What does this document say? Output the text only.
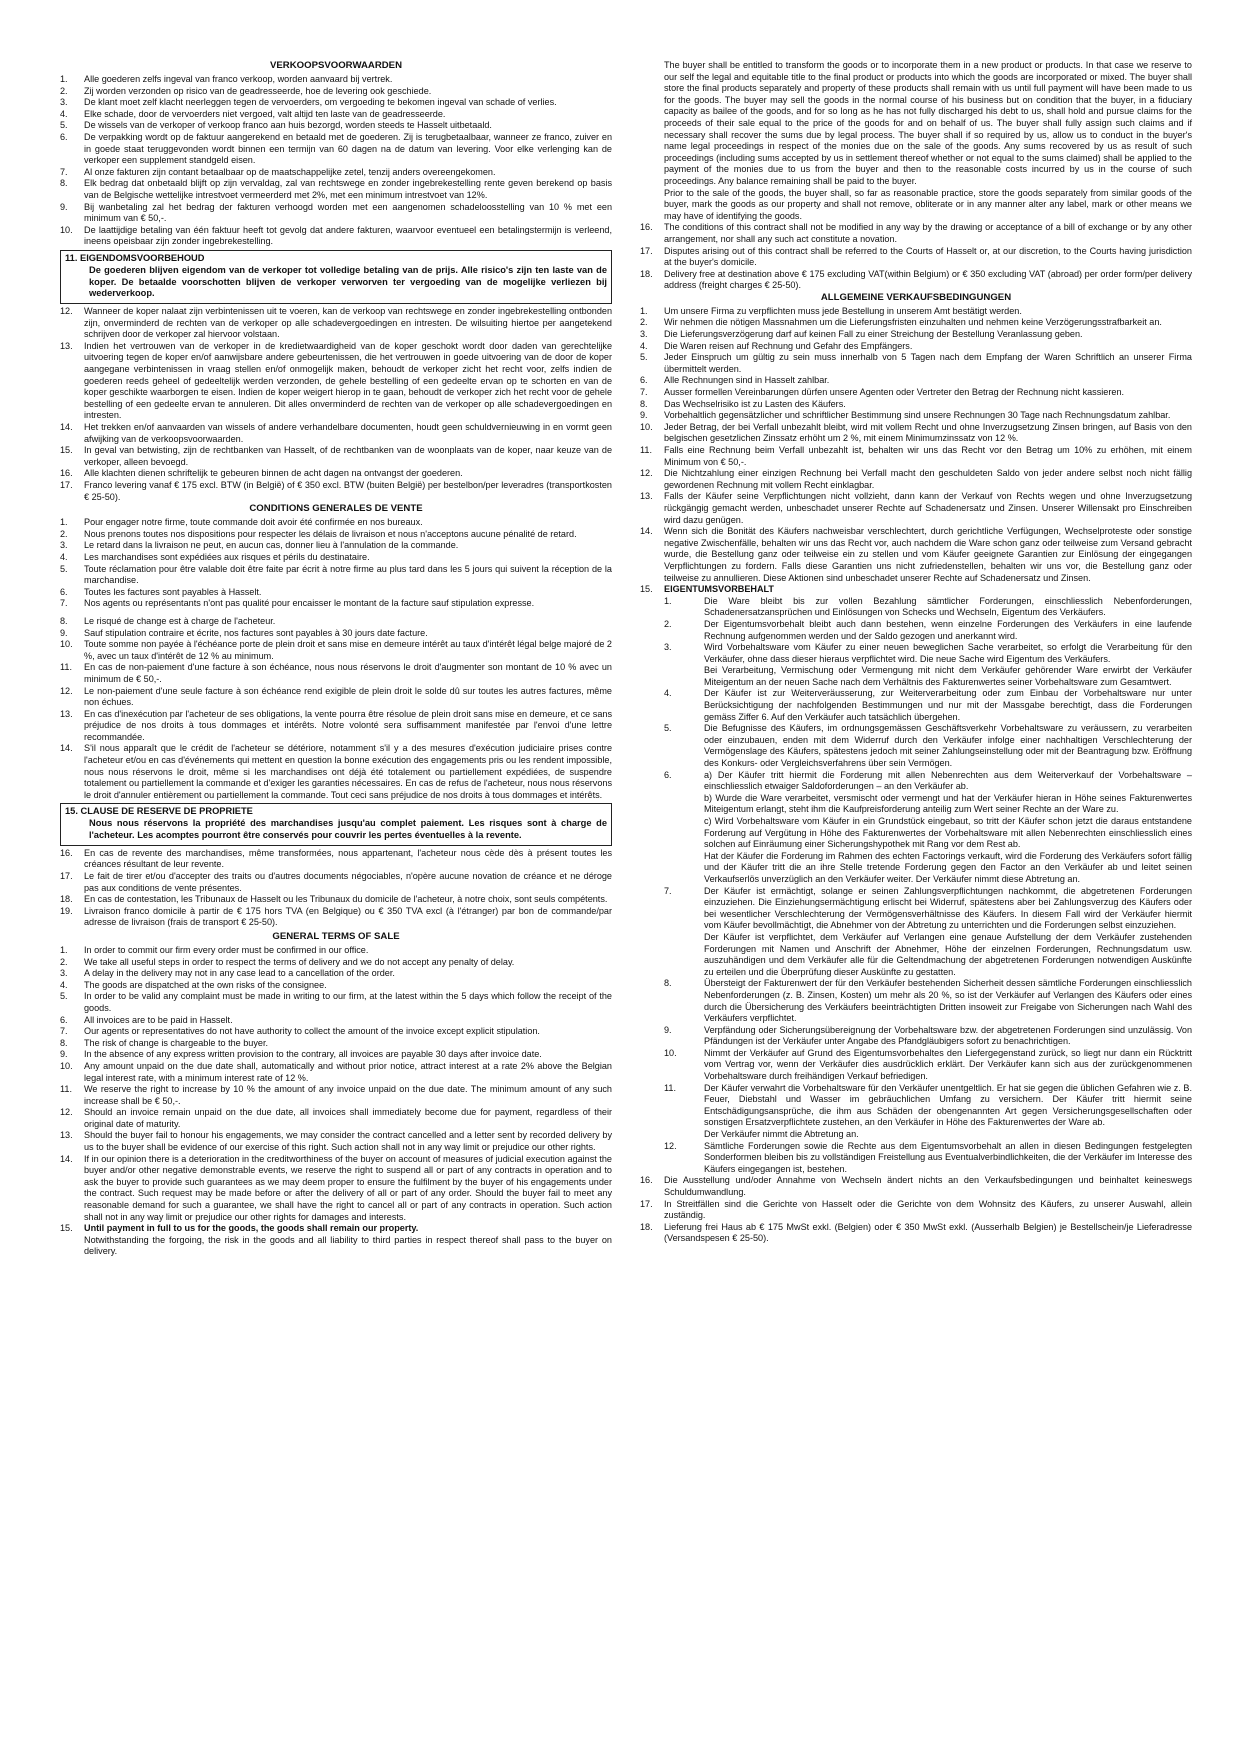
VERKOOPSVOORWAARDEN
1.	Alle goederen zelfs ingeval van franco verkoop, worden aanvaard bij vertrek.
2.	Zij worden verzonden op risico van de geadresseerde, hoe de levering ook geschiede.
3.	De klant moet zelf klacht neerleggen tegen de vervoerders, om vergoeding te bekomen ingeval van schade of verlies.
4.	Elke schade, door de vervoerders niet vergoed, valt altijd ten laste van de geadresseerde.
5.	De wissels van de verkoper of verkoop franco aan huis bezorgd, worden steeds te Hasselt uitbetaald.
6.	De verpakking wordt op de faktuur aangerekend en betaald met de goederen. Zij is terugbetaalbaar, wanneer ze franco, zuiver en in goede staat teruggevonden wordt binnen een termijn van 60 dagen na de datum van levering. Voor elke verlenging kan de verkoper een supplement standgeld eisen.
7.	Al onze fakturen zijn contant betaalbaar op de maatschappelijke zetel, tenzij anders overeengekomen.
8.	Elk bedrag dat onbetaald blijft op zijn vervaldag, zal van rechtswege en zonder ingebrekestelling rente geven berekend op basis van de Belgische wettelijke intrestvoet vermeerderd met 2%, met een minimum intrestvoet van 12%.
9.	Bij wanbetaling zal het bedrag der fakturen verhoogd worden met een aangenomen schadeloosstelling van 10 % met een minimum van € 50,-.
10.	De laattijdige betaling van één faktuur heeft tot gevolg dat andere fakturen, waarvoor eventueel een betalingstermijn is verleend, ineens opeisbaar zijn zonder ingebrekestelling.
11. EIGENDOMSVOORBEHOUD
De goederen blijven eigendom van de verkoper tot volledige betaling van de prijs. Alle risico's zijn ten laste van de koper. De betaalde voorschotten blijven de verkoper verworven ter vergoeding van de mogelijke verliezen bij wederverkoop.
12.	Wanneer de koper nalaat zijn verbintenissen uit te voeren, kan de verkoop van rechtswege en zonder ingebrekestelling ontbonden zijn, onverminderd de rechten van de verkoper op alle schadevergoedingen en intresten. De wilsuiting hiertoe per aangetekend schrijven door de verkoper zal hiervoor volstaan.
13.	Indien het vertrouwen van de verkoper in de kredietwaardigheid van de koper geschokt wordt door daden van gerechtelijke uitvoering tegen de koper en/of aanwijsbare andere gebeurtenissen, die het vertrouwen in goede uitvoering van de door de koper aangegane verbintenissen in vraag stellen en/of onmogelijk maken, behoudt de verkoper zicht het recht voor, zelfs indien de goederen reeds geheel of gedeeltelijk werden verzonden, de gehele bestelling of een gedeelte ervan op te schorten en van de koper geschikte waarborgen te eisen. Indien de koper weigert hierop in te gaan, behoudt de verkoper zich het recht voor de gehele bestelling of een gedeelte ervan te annuleren. Dit alles onverminderd de rechten van de verkoper op alle schadevergoedingen en intresten.
14.	Het trekken en/of aanvaarden van wissels of andere verhandelbare documenten, houdt geen schuldvernieuwing in en vormt geen afwijking van de verkoopsvoorwaarden.
15.	In geval van betwisting, zijn de rechtbanken van Hasselt, of de rechtbanken van de woonplaats van de koper, naar keuze van de verkoper, alleen bevoegd.
16.	Alle klachten dienen schriftelijk te gebeuren binnen de acht dagen na ontvangst der goederen.
17.	Franco levering vanaf € 175 excl. BTW (in België) of € 350 excl. BTW (buiten België) per bestelbon/per leveradres (transportkosten € 25-50).
CONDITIONS GENERALES DE VENTE
1.	Pour engager notre firme, toute commande doit avoir été confirmée en nos bureaux.
2.	Nous prenons toutes nos dispositions pour respecter les délais de livraison et nous n'acceptons aucune pénalité de retard.
3.	Le retard dans la livraison ne peut, en aucun cas, donner lieu à l'annulation de la commande.
4.	Les marchandises sont expédiées aux risques et périls du destinataire.
5.	Toute réclamation pour être valable doit être faite par écrit à notre firme au plus tard dans les 5 jours qui suivent la réception de la marchandise.
6.	Toutes les factures sont payables à Hasselt.
7.	Nos agents ou représentants n'ont pas qualité pour encaisser le montant de la facture sauf stipulation expresse.
8.	Le risqué de change est à charge de l'acheteur.
9.	Sauf stipulation contraire et écrite, nos factures sont payables à 30 jours date facture.
10.	Toute somme non payée à l'échéance porte de plein droit et sans mise en demeure intérêt au taux d'intérêt légal belge majoré de 2 %, avec un taux d'intérêt de 12 % au minimum.
11.	En cas de non-paiement d'une facture à son échéance, nous nous réservons le droit d'augmenter son montant de 10 % avec un minimum de € 50,-.
12.	Le non-paiement d'une seule facture à son échéance rend exigible de plein droit le solde dû sur toutes les autres factures, même non échues.
13.	En cas d'inexécution par l'acheteur de ses obligations, la vente pourra être résolue de plein droit sans mise en demeure, et ce sans préjudice de nos droits à tous dommages et intérêts. Notre volonté sera suffisamment manifestée par l'envoi d'une lettre recommandée.
14.	S'il nous apparaît que le crédit de l'acheteur se détériore, notamment s'il y a des mesures d'exécution judiciaire prises contre l'acheteur et/ou en cas d'événements qui mettent en question la bonne exécution des engagements pris ou les rendent impossible, nous nous réservons le droit, même si les marchandises ont déjà été totalement ou partiellement expédiées, de suspendre totalement ou partiellement la commande et d'exiger les garanties nécessaires. En cas de refus de l'acheteur, nous nous réservons le droit d'annuler entièrement ou partiellement la commande. Tout ceci sans préjudice de nos droits à tous dommages et intérêts.
15. CLAUSE DE RESERVE DE PROPRIETE
Nous nous réservons la propriété des marchandises jusqu'au complet paiement. Les risques sont à charge de l'acheteur. Les acomptes pourront être conservés pour couvrir les pertes éventuelles à la revente.
16.	En cas de revente des marchandises, même transformées, nous appartenant, l'acheteur nous cède dès à présent toutes les créances résultant de leur revente.
17.	Le fait de tirer et/ou d'accepter des traits ou d'autres documents négociables, n'opère aucune novation de créance et ne déroge pas aux conditions de vente présentes.
18.	En cas de contestation, les Tribunaux de Hasselt ou les Tribunaux du domicile de l'acheteur, à notre choix, sont seuls compétents.
19.	Livraison franco domicile à partir de € 175 hors TVA (en Belgique) ou € 350 TVA excl (à l'étranger) par bon de commande/par adresse de livraison (frais de transport € 25-50).
GENERAL TERMS OF SALE
1.	In order to commit our firm every order must be confirmed in our office.
2.	We take all useful steps in order to respect the terms of delivery and we do not accept any penalty of delay.
3.	A delay in the delivery may not in any case lead to a cancellation of the order.
4.	The goods are dispatched at the own risks of the consignee.
5.	In order to be valid any complaint must be made in writing to our firm, at the latest within the 5 days which follow the receipt of the goods.
6.	All invoices are to be paid in Hasselt.
7.	Our agents or representatives do not have authority to collect the amount of the invoice except explicit stipulation.
8.	The risk of change is chargeable to the buyer.
9.	In the absence of any express written provision to the contrary, all invoices are payable 30 days after invoice date.
10.	Any amount unpaid on the due date shall, automatically and without prior notice, attract interest at a rate 2% above the Belgian legal interest rate, with a minimum interest rate of 12 %.
11.	We reserve the right to increase by 10 % the amount of any invoice unpaid on the due date. The minimum amount of any such increase shall be € 50,-.
12.	Should an invoice remain unpaid on the due date, all invoices shall immediately become due for payment, regardless of their original date of maturity.
13.	Should the buyer fail to honour his engagements, we may consider the contract cancelled and a letter sent by recorded delivery by us to the buyer shall be evidence of our exercise of this right. Such action shall not in any way limit or prejudice our other rights.
14.	If in our opinion there is a deterioration in the creditworthiness of the buyer on account of measures of judicial execution against the buyer and/or other negative demonstrable events, we reserve the right to suspend all or part of any contracts in operation and to ask the buyer to provide such guarantees as we may deem proper to ensure the fulfilment by the buyer of his engagements under the contract. Such request may be made before or after the delivery of all or part of any order. Should the buyer fail to meet any reasonable demand for such a guarantee, we shall have the right to cancel all or part of any contracts in operation. Such action shall not in any way limit or prejudice our other rights for damages and interests.
15.	Until payment in full to us for the goods, the goods shall remain our property.
Notwithstanding the forgoing, the risk in the goods and all liability to third parties in respect thereof shall pass to the buyer on delivery.
The buyer shall be entitled to transform the goods or to incorporate them in a new product or products. In that case we reserve to our self the legal and equitable title to the final product or products into which the goods are incorporated or mixed. The buyer shall store the final products separately and property of these products shall remain with us until full payment will have been made to us for the goods. The buyer may sell the goods in the normal course of his business but on condition that the buyer, in a fiduciary capacity as bailee of the goods, and for so long as he has not fully discharged his debt to us, shall hold and pursue claims for the proceeds of their sale equal to the price of the goods for and on behalf of us. The buyer shall fully assign such claims and if necessary shall recover the sums due by legal process. The buyer shall if so required by us, allow us to conduct in the buyer's name legal proceedings in respect of the monies due on the sale of the goods. Any sums recovered by us as result of such proceedings (including sums accepted by us in settlement thereof whether or not equal to the sums claimed) shall be applied to the payment of the monies due to us from the buyer and then to the reasonable costs incurred by us in the course of such proceedings. Any balance remaining shall be paid to the buyer.
Prior to the sale of the goods, the buyer shall, so far as reasonable practice, store the goods separately from similar goods of the buyer, mark the goods as our property and shall not remove, obliterate or in any manner alter any label, mark or other means we may have of identifying the goods.
16.	The conditions of this contract shall not be modified in any way by the drawing or acceptance of a bill of exchange or by any other arrangement, nor shall any such act constitute a novation.
17.	Disputes arising out of this contract shall be referred to the Courts of Hasselt or, at our discretion, to the Courts having jurisdiction at the buyer's domicile.
18.	Delivery free at destination above € 175 excluding VAT(within Belgium) or € 350 excluding VAT (abroad) per order form/per delivery address (freight charges € 25-50).
ALLGEMEINE VERKAUFSBEDINGUNGEN
1.	Um unsere Firma zu verpflichten muss jede Bestellung in unserem Amt bestätigt werden.
2.	Wir nehmen die nötigen Massnahmen um die Lieferungsfristen einzuhalten und nehmen keine Verzögerungsstrafbarkeit an.
3.	Die Lieferungsverzögerung darf auf keinen Fall zu einer Streichung der Bestellung Veranlassung geben.
4.	Die Waren reisen auf Rechnung und Gefahr des Empfängers.
5.	Jeder Einspruch um gültig zu sein muss innerhalb von 5 Tagen nach dem Empfang der Waren Schriftlich an unserer Firma übermittelt werden.
6.	Alle Rechnungen sind in Hasselt zahlbar.
7.	Ausser formellen Vereinbarungen dürfen unsere Agenten oder Vertreter den Betrag der Rechnung nicht kassieren.
8.	Das Wechselrisiko ist zu Lasten des Käufers.
9.	Vorbehaltlich gegensätzlicher und schriftlicher Bestimmung sind unsere Rechnungen 30 Tage nach Rechnungsdatum zahlbar.
10.	Jeder Betrag, der bei Verfall unbezahlt bleibt, wird mit vollem Recht und ohne Inverzugsetzung Zinsen bringen, auf Basis von den belgischen gesetzlichen Zinssatz erhöht um 2 %, mit einem Minimumzinssatz von 12 %.
11.	Falls eine Rechnung beim Verfall unbezahlt ist, behalten wir uns das Recht vor den Betrag um 10% zu erhöhen, mit einem Minimum von € 50,-.
12.	Die Nichtzahlung einer einzigen Rechnung bei Verfall macht den geschuldeten Saldo von jeder andere selbst noch nicht fällig gewordenen Rechnung mit vollem Recht einklagbar.
13.	Falls der Käufer seine Verpflichtungen nicht vollzieht, dann kann der Verkauf von Rechts wegen und ohne Inverzugsetzung rückgängig gemacht werden, unbeschadet unserer Rechte auf Schadenersatz und Zinsen. Unserer Willensakt pro Einschreiben wird dazu genügen.
14.	Wenn sich die Bonität des Käufers nachweisbar verschlechtert, durch gerichtliche Verfügungen, Wechselproteste oder sonstige negative Zwischenfälle, behalten wir uns das Recht vor, auch nachdem die Ware schon ganz oder teilweise zum Versand gebracht wurde, die Bestellung ganz oder teilweise ein zu stellen und vom Käufer geeignete Garantien zur Einlösung der eingegangen Verpflichtungen zu fordern. Falls diese Garantien uns nicht zufriedenstellen, behalten wir uns vor, die Bestellung ganz oder teilweise zu annullieren. Diese Aktionen sind unbeschadet unserer Rechte auf Schadenersatz und Zinsen.
15.	EIGENTUMSVORBEHALT
1.	Die Ware bleibt bis zur vollen Bezahlung sämtlicher Forderungen, einschliesslich Nebenforderungen, Schadenersatzansprüchen und Einlösungen von Schecks und Wechseln, Eigentum des Verkäufers.
2.	Der Eigentumsvorbehalt bleibt auch dann bestehen, wenn einzelne Forderungen des Verkäufers in eine laufende Rechnung aufgenommen werden und der Saldo gezogen und anerkannt wird.
3.	Wird Vorbehaltsware vom Käufer zu einer neuen beweglichen Sache verarbeitet, so erfolgt die Verarbeitung für den Verkäufer, ohne dass dieser hieraus verpflichtet wird. Die neue Sache wird Eigentum des Verkäufers.
Bei Verarbeitung, Vermischung oder Vermengung mit nicht dem Verkäufer gehörender Ware erwirbt der Verkäufer Miteigentum an der neuen Sache nach dem Verhältnis des Fakturenwertes seiner Vorbehaltsware zum Gesamtwert.
4.	Der Käufer ist zur Weiterveräusserung, zur Weiterverarbeitung oder zum Einbau der Vorbehaltsware nur unter Berücksichtigung der nachfolgenden Bestimmungen und nur mit der Massgabe berechtigt, dass die Forderungen gemäss Ziffer 6. Auf den Verkäufer auch tatsächlich übergehen.
5.	Die Befugnisse des Käufers, im ordnungsgemässen Geschäftsverkehr Vorbehaltsware zu veräussern, zu verarbeiten oder einzubauen, enden mit dem Widerruf durch den Verkäufer infolge einer nachhaltigen Verschlechterung der Vermögenslage des Käufers, spätestens jedoch mit seiner Zahlungseinstellung oder mit der Beantragung bzw. Eröffnung des Konkurs- oder Vergleichsverfahrens über sein Vermögen.
6.	a) Der Käufer tritt hiermit die Forderung mit allen Nebenrechten aus dem Weiterverkauf der Vorbehaltsware – einschliesslich etwaiger Saldoforderungen – an den Verkäufer ab.
b) Wurde die Ware verarbeitet, versmischt oder vermengt und hat der Verkäufer hieran in Höhe seines Fakturenwertes Miteigentum erlangt, steht ihm die Kaufpreisforderung anteilig zum Wert seiner Rechte an der Ware zu.
c) Wird Vorbehaltsware vom Käufer in ein Grundstück eingebaut, so tritt der Käufer schon jetzt die daraus entstandene Forderung auf Vergütung in Höhe des Fakturenwertes der Vorbehaltsware mit allen Nebenrechten einschliesslich eines solchen auf Einräumung einer Sicherungshypothek mit Rang vor dem Rest ab.
Hat der Käufer die Forderung im Rahmen des echten Factorings verkauft, wird die Forderung des Verkäufers sofort fällig und der Käufer tritt die an ihre Stelle tretende Forderung gegen den Factor an den Verkäufer ab und leitet seinen Verkaufserlös unverzüglich an den Verkäufer weiter. Der Verkäufer nimmt diese Abtretung an.
7.	Der Käufer ist ermächtigt, solange er seinen Zahlungsverpflichtungen nachkommt, die abgetretenen Forderungen einzuziehen. Die Einziehungsermächtigung erlischt bei Widerruf, spätestens aber bei Zahlungsverzug des Käufers oder bei wesentlicher Verschlechterung der Vermögensverhältnisse des Käufers. In diesem Fall wird der Verkäufer hiermit vom Käufer bevollmächtigt, die Abnehmer von der Abtretung zu unterrichten und die Forderungen selbst einzuziehen.
Der Käufer ist verpflichtet, dem Verkäufer auf Verlangen eine genaue Aufstellung der dem Verkäufer zustehenden Forderungen mit Namen und Anschrift der Abnehmer, Höhe der einzelnen Forderungen, Rechnungsdatum usw. auszuhändigen und dem Verkäufer alle für die Geltendmachung der abgetretenen Forderungen notwendigen Auskünfte zu erteilen und die Überprüfung dieser Auskünfte zu gestatten.
8.	Übersteigt der Fakturenwert der für den Verkäufer bestehenden Sicherheit dessen sämtliche Forderungen einschliesslich Nebenforderungen (z. B. Zinsen, Kosten) um mehr als 20 %, so ist der Verkäufer auf Verlangen des Käufers oder eines durch die Übersicherung des Verkäufers beeinträchtigten Dritten insoweit zur Freigabe von Sicherungen nach Wahl des Verkäufers verpflichtet.
9.	Verpfändung oder Sicherungsübereignung der Vorbehaltsware bzw. der abgetretenen Forderungen sind unzulässig. Von Pfändungen ist der Verkäufer unter Angabe des Pfandgläubigers sofort zu benachrichtigen.
10.	Nimmt der Verkäufer auf Grund des Eigentumsvorbehaltes den Liefergegenstand zurück, so liegt nur dann ein Rücktritt vom Vertrag vor, wenn der Verkäufer dies ausdrücklich erklärt. Der Verkäufer kann sich aus der zurückgenommenen Vorbehaltsware durch freihändigen Verkauf befriedigen.
11.	Der Käufer verwahrt die Vorbehaltsware für den Verkäufer unentgeltlich. Er hat sie gegen die üblichen Gefahren wie z. B. Feuer, Diebstahl und Wasser im gebräuchlichen Umfang zu versichern. Der Käufer tritt hiermit seine Entschädigungsansprüche, die ihm aus Schäden der obengenannten Art gegen Versicherungsgesellschaften oder sonstigen Ersatzverpflichtete zustehen, an den Verkäufer in Höhe des Fakturenwertes der Ware ab.
Der Verkäufer nimmt die Abtretung an.
12.	Sämtliche Forderungen sowie die Rechte aus dem Eigentumsvorbehalt an allen in diesen Bedingungen festgelegten Sonderformen bleiben bis zu vollständigen Freistellung aus Eventualverbindlichkeiten, die der Verkäufer im Interesse des Käufers eingegangen ist, bestehen.
16.	Die Ausstellung und/oder Annahme von Wechseln ändert nichts an den Verkaufsbedingungen und beinhaltet keineswegs Schuldumwandlung.
17.	In Streitfällen sind die Gerichte von Hasselt oder die Gerichte von dem Wohnsitz des Käufers, zu unserer Auswahl, allein zuständig.
18.	Lieferung frei Haus ab € 175 MwSt exkl. (Belgien) oder € 350 MwSt exkl. (Ausserhalb Belgien) je Bestellschein/je Lieferadresse (Versandspesen € 25-50).
